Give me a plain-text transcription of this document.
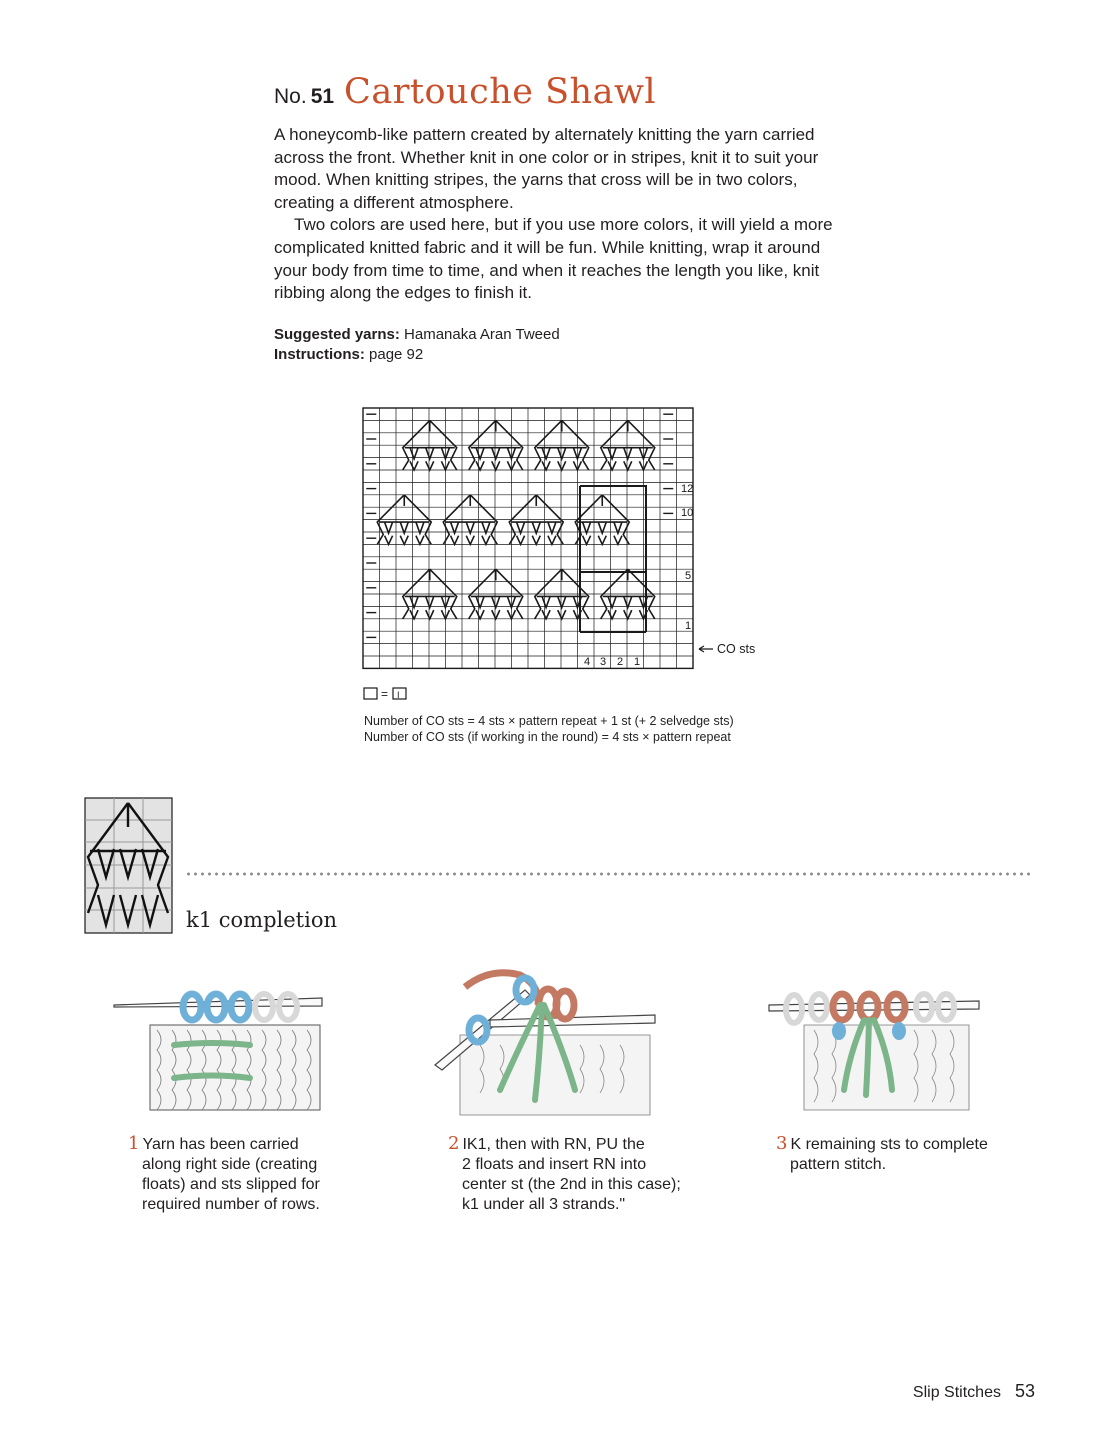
No. 51 Cartouche Shawl

A honeycomb-like pattern created by alternately knitting the yarn carried across the front. Whether knit in one color or in stripes, knit it to suit your mood. When knitting stripes, the yarns that cross will be in two colors, creating a different atmosphere.

Two colors are used here, but if you use more colors, it will yield a more complicated knitted fabric and it will be fun. While knitting, wrap it around your body from time to time, and when it reaches the length you like, knit ribbing along the edges to finish it.

Suggested yarns: Hamanaka Aran Tweed
Instructions: page 92
12
10
5
1
4 3 2 1
CO sts
= I
Number of CO sts = 4 sts × pattern repeat + 1 st (+ 2 selvedge sts)
Number of CO sts (if working in the round) = 4 sts × pattern repeat
k1 completion
1 Yarn has been carried
along right side (creating
floats) and sts slipped for
required number of rows.
2 IK1, then with RN, PU the
2 floats and insert RN into
center st (the 2nd in this case);
k1 under all 3 strands."
3 K remaining sts to complete
pattern stitch.
Slip Stitches 53
